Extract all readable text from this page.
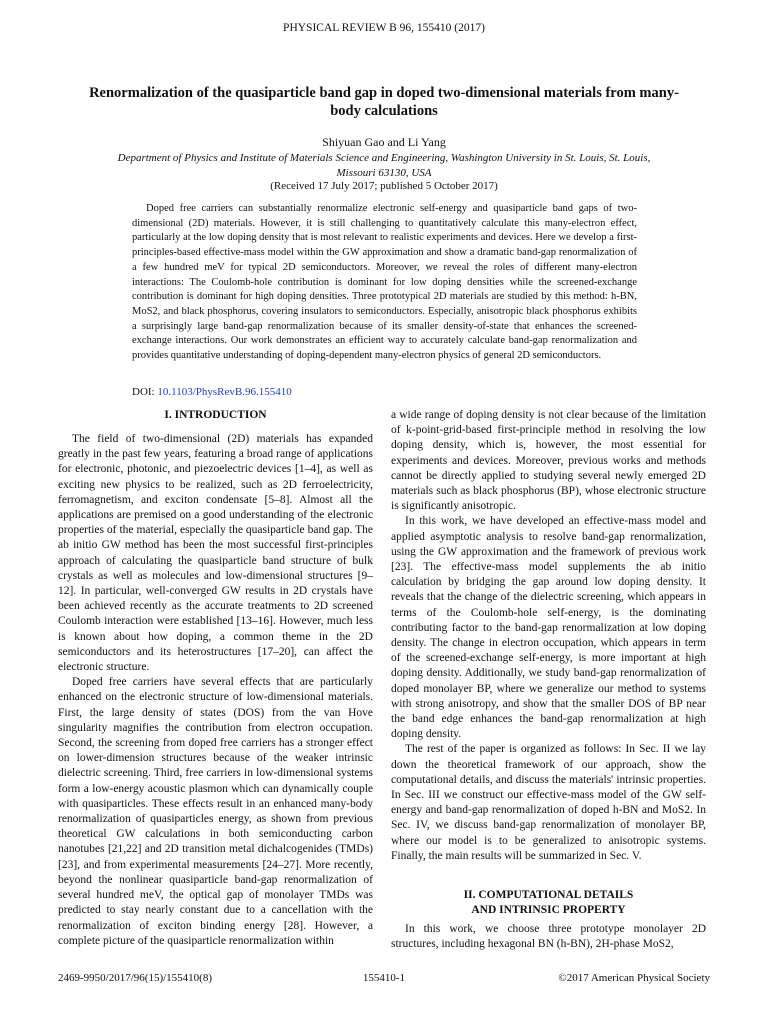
PHYSICAL REVIEW B 96, 155410 (2017)
Renormalization of the quasiparticle band gap in doped two-dimensional materials from many-body calculations
Shiyuan Gao and Li Yang
Department of Physics and Institute of Materials Science and Engineering, Washington University in St. Louis, St. Louis, Missouri 63130, USA
(Received 17 July 2017; published 5 October 2017)

Doped free carriers can substantially renormalize electronic self-energy and quasiparticle band gaps of two-dimensional (2D) materials. However, it is still challenging to quantitatively calculate this many-electron effect, particularly at the low doping density that is most relevant to realistic experiments and devices. Here we develop a first-principles-based effective-mass model within the GW approximation and show a dramatic band-gap renormalization of a few hundred meV for typical 2D semiconductors. Moreover, we reveal the roles of different many-electron interactions: The Coulomb-hole contribution is dominant for low doping densities while the screened-exchange contribution is dominant for high doping densities. Three prototypical 2D materials are studied by this method: h-BN, MoS2, and black phosphorus, covering insulators to semiconductors. Especially, anisotropic black phosphorus exhibits a surprisingly large band-gap renormalization because of its smaller density-of-state that enhances the screened-exchange interactions. Our work demonstrates an efficient way to accurately calculate band-gap renormalization and provides quantitative understanding of doping-dependent many-electron physics of general 2D semiconductors.

DOI: 10.1103/PhysRevB.96.155410
I. INTRODUCTION

The field of two-dimensional (2D) materials has expanded greatly in the past few years, featuring a broad range of applications for electronic, photonic, and piezoelectric devices [1–4], as well as exciting new physics to be realized, such as 2D ferroelectricity, ferromagnetism, and exciton condensate [5–8]. Almost all the applications are premised on a good understanding of the electronic properties of the material, especially the quasiparticle band gap. The ab initio GW method has been the most successful first-principles approach of calculating the quasiparticle band structure of bulk crystals as well as molecules and low-dimensional structures [9–12]. In particular, well-converged GW results in 2D crystals have been achieved recently as the accurate treatments to 2D screened Coulomb interaction were established [13–16]. However, much less is known about how doping, a common theme in the 2D semiconductors and its heterostructures [17–20], can affect the electronic structure.

Doped free carriers have several effects that are particularly enhanced on the electronic structure of low-dimensional materials. First, the large density of states (DOS) from the van Hove singularity magnifies the contribution from electron occupation. Second, the screening from doped free carriers has a stronger effect on lower-dimension structures because of the weaker intrinsic dielectric screening. Third, free carriers in low-dimensional systems form a low-energy acoustic plasmon which can dynamically couple with quasiparticles. These effects result in an enhanced many-body renormalization of quasiparticles energy, as shown from previous theoretical GW calculations in both semiconducting carbon nanotubes [21,22] and 2D transition metal dichalcogenides (TMDs) [23], and from experimental measurements [24–27]. More recently, beyond the nonlinear quasiparticle band-gap renormalization of several hundred meV, the optical gap of monolayer TMDs was predicted to stay nearly constant due to a cancellation with the renormalization of exciton binding energy [28]. However, a complete picture of the quasiparticle renormalization within

a wide range of doping density is not clear because of the limitation of k-point-grid-based first-principle method in resolving the low doping density, which is, however, the most essential for experiments and devices. Moreover, previous works and methods cannot be directly applied to studying several newly emerged 2D materials such as black phosphorus (BP), whose electronic structure is significantly anisotropic.

In this work, we have developed an effective-mass model and applied asymptotic analysis to resolve band-gap renormalization, using the GW approximation and the framework of previous work [23]. The effective-mass model supplements the ab initio calculation by bridging the gap around low doping density. It reveals that the change of the dielectric screening, which appears in terms of the Coulomb-hole self-energy, is the dominating contributing factor to the band-gap renormalization at low doping density. The change in electron occupation, which appears in term of the screened-exchange self-energy, is more important at high doping density. Additionally, we study band-gap renormalization of doped monolayer BP, where we generalize our method to systems with strong anisotropy, and show that the smaller DOS of BP near the band edge enhances the band-gap renormalization at high doping density.

The rest of the paper is organized as follows: In Sec. II we lay down the theoretical framework of our approach, show the computational details, and discuss the materials' intrinsic properties. In Sec. III we construct our effective-mass model of the GW self-energy and band-gap renormalization of doped h-BN and MoS2. In Sec. IV, we discuss band-gap renormalization of monolayer BP, where our model is to be generalized to anisotropic systems. Finally, the main results will be summarized in Sec. V.

II. COMPUTATIONAL DETAILS
AND INTRINSIC PROPERTY

In this work, we choose three prototype monolayer 2D structures, including hexagonal BN (h-BN), 2H-phase MoS2,

2469-9950/2017/96(15)/155410(8)	155410-1	©2017 American Physical Society
